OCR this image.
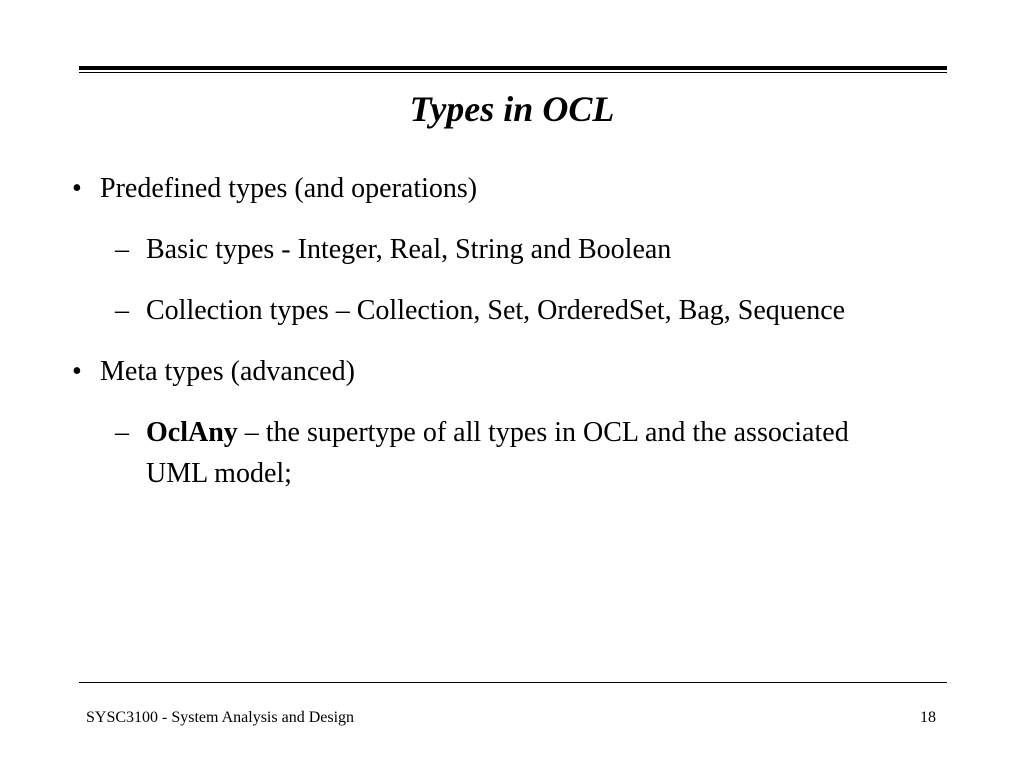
Types in OCL
• Predefined types (and operations)
– Basic types - Integer, Real, String and Boolean
– Collection types – Collection, Set, OrderedSet, Bag, Sequence
• Meta types (advanced)
– OclAny – the supertype of all types in OCL and the associated UML model;
SYSC3100 - System Analysis and Design	18
